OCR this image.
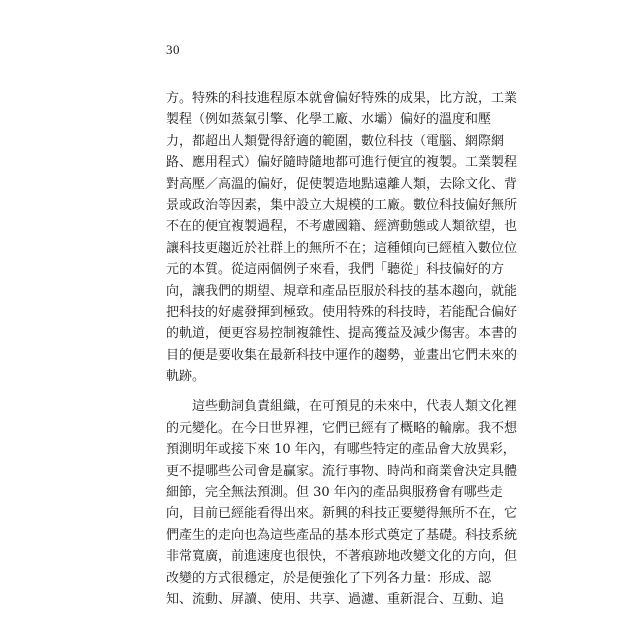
30
方。特殊的科技進程原本就會偏好特殊的成果，比方說，工業
製程（例如蒸氣引擎、化學工廠、水壩）偏好的溫度和壓
力，都超出人類覺得舒適的範圍，數位科技（電腦、網際網
路、應用程式）偏好隨時隨地都可進行便宜的複製。工業製程
對高壓／高溫的偏好，促使製造地點遠離人類，去除文化、背
景或政治等因素，集中設立大規模的工廠。數位科技偏好無所
不在的便宜複製過程，不考慮國籍、經濟動態或人類欲望，也
讓科技更趨近於社群上的無所不在；這種傾向已經植入數位位
元的本質。從這兩個例子來看，我們「聽從」科技偏好的方
向，讓我們的期望、規章和產品臣服於科技的基本趨向，就能
把科技的好處發揮到極致。使用特殊的科技時，若能配合偏好
的軌道，便更容易控制複雜性、提高獲益及減少傷害。本書的
目的便是要收集在最新科技中運作的趨勢，並畫出它們未來的
軌跡。
這些動詞負責組織，在可預見的未來中，代表人類文化裡
的元變化。在今日世界裡，它們已經有了概略的輪廓。我不想
預測明年或接下來 10 年內，有哪些特定的產品會大放異彩，
更不提哪些公司會是贏家。流行事物、時尚和商業會決定具體
細節，完全無法預測。但 30 年內的產品與服務會有哪些走
向，目前已經能看得出來。新興的科技正要變得無所不在，它
們產生的走向也為這些產品的基本形式奠定了基礎。科技系統
非常寬廣，前進速度也很快，不著痕跡地改變文化的方向，但
改變的方式很穩定，於是便強化了下列各力量：形成、認
知、流動、屏讀、使用、共享、過濾、重新混合、互動、追
